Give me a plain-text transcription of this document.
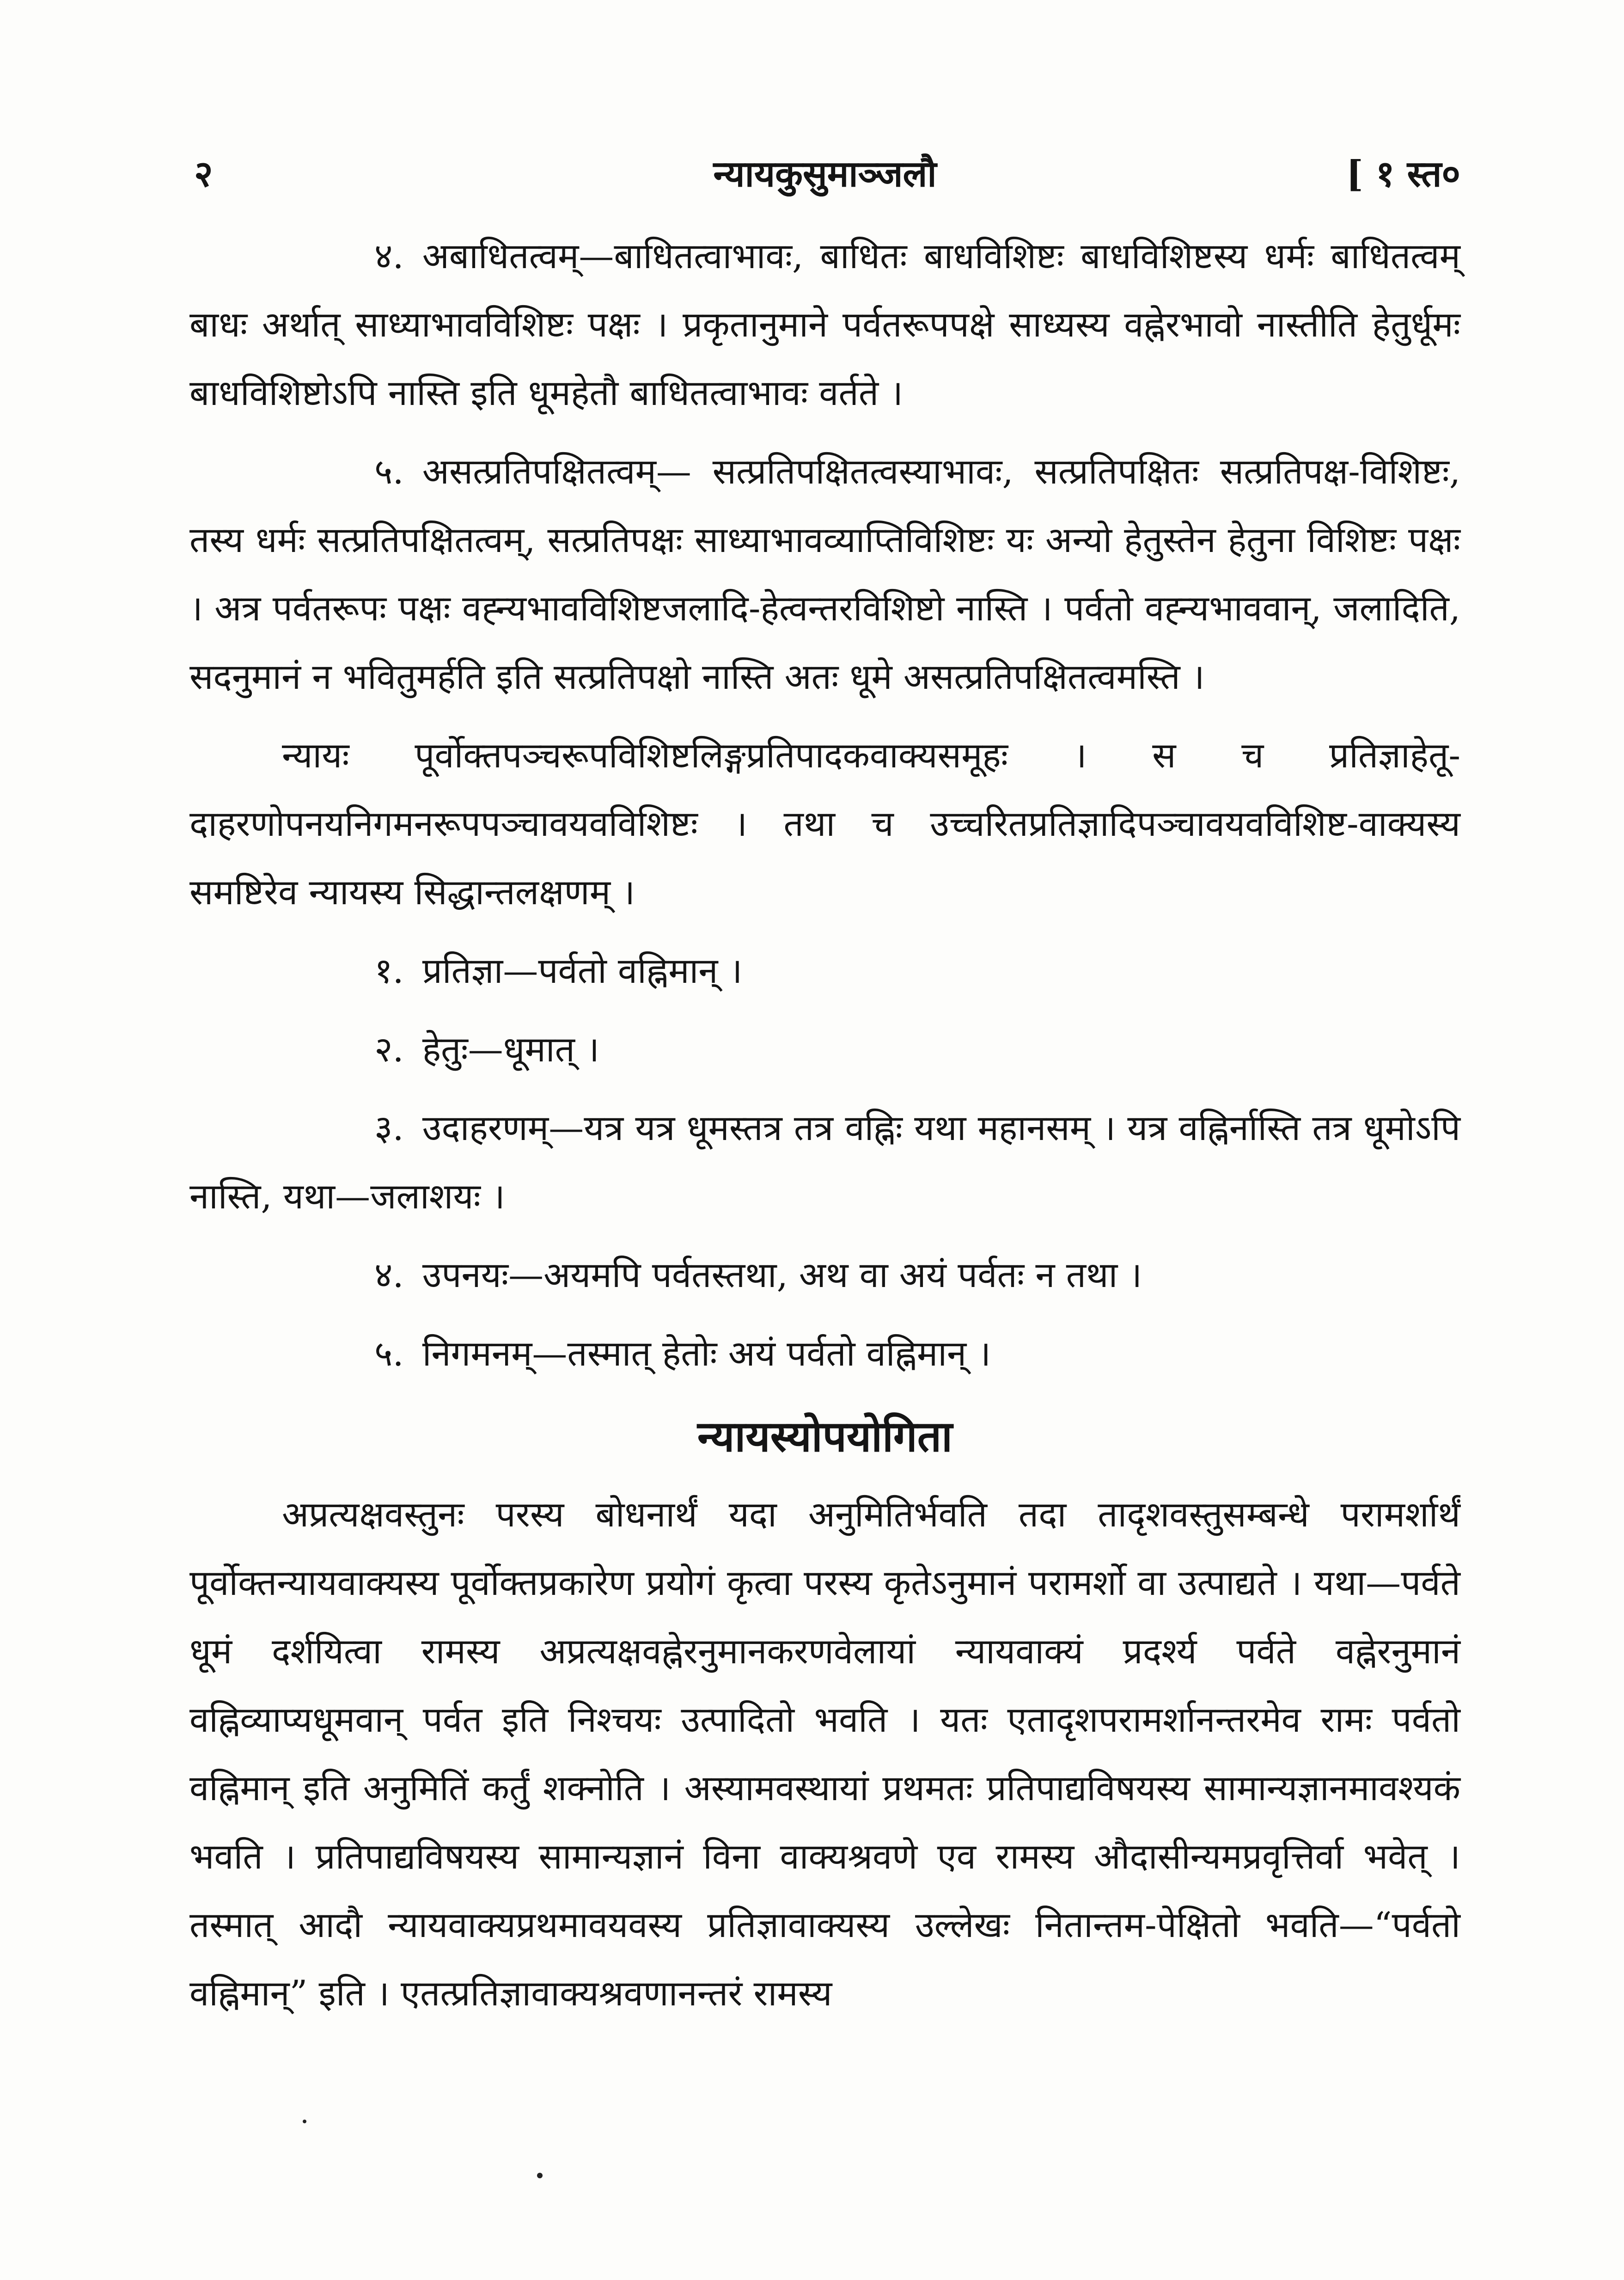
२	न्यायकुसुमाञ्जलौ	[ १ स्त०

४. अबाधितत्वम्—बाधितत्वाभावः, बाधितः बाधविशिष्टः बाधविशिष्टस्य धर्मः बाधितत्वम् बाधः अर्थात् साध्याभावविशिष्टः पक्षः । प्रकृतानुमाने पर्वतरूपपक्षे साध्यस्य वह्नेरभावो नास्तीति हेतुर्धूमः बाधविशिष्टोऽपि नास्ति इति धूमहेतौ बाधितत्वाभावः वर्तते ।

५. असत्प्रतिपक्षितत्वम्— सत्प्रतिपक्षितत्वस्याभावः, सत्प्रतिपक्षितः सत्प्रतिपक्ष-विशिष्टः, तस्य धर्मः सत्प्रतिपक्षितत्वम्, सत्प्रतिपक्षः साध्याभावव्याप्तिविशिष्टः यः अन्यो हेतुस्तेन हेतुना विशिष्टः पक्षः । अत्र पर्वतरूपः पक्षः वह्न्यभावविशिष्टजलादि-हेत्वन्तरविशिष्टो नास्ति । पर्वतो वह्न्यभाववान्, जलादिति, सदनुमानं न भवितुमर्हति इति सत्प्रतिपक्षो नास्ति अतः धूमे असत्प्रतिपक्षितत्वमस्ति ।

न्यायः पूर्वोक्तपञ्चरूपविशिष्टलिङ्गप्रतिपादकवाक्यसमूहः । स च प्रतिज्ञाहेतू-दाहरणोपनयनिगमनरूपपञ्चावयवविशिष्टः । तथा च उच्चरितप्रतिज्ञादिपञ्चावयवविशिष्ट-वाक्यस्य समष्टिरेव न्यायस्य सिद्धान्तलक्षणम् ।

१. प्रतिज्ञा—पर्वतो वह्निमान् ।

२. हेतुः—धूमात् ।

३. उदाहरणम्—यत्र यत्र धूमस्तत्र तत्र वह्निः यथा महानसम् । यत्र वह्निर्नास्ति तत्र धूमोऽपि नास्ति, यथा—जलाशयः ।

४. उपनयः—अयमपि पर्वतस्तथा, अथ वा अयं पर्वतः न तथा ।

५. निगमनम्—तस्मात् हेतोः अयं पर्वतो वह्निमान् ।

न्यायस्योपयोगिता

अप्रत्यक्षवस्तुनः परस्य बोधनार्थं यदा अनुमितिर्भवति तदा तादृशवस्तुसम्बन्धे परामर्शार्थं पूर्वोक्तन्यायवाक्यस्य पूर्वोक्तप्रकारेण प्रयोगं कृत्वा परस्य कृतेऽनुमानं परामर्शो वा उत्पाद्यते । यथा—पर्वते धूमं दर्शयित्वा रामस्य अप्रत्यक्षवह्नेरनुमानकरणवेलायां न्यायवाक्यं प्रदर्श्य पर्वते वह्नेरनुमानं वह्निव्याप्यधूमवान् पर्वत इति निश्चयः उत्पादितो भवति । यतः एतादृशपरामर्शानन्तरमेव रामः पर्वतो वह्निमान् इति अनुमितिं कर्तुं शक्नोति । अस्यामवस्थायां प्रथमतः प्रतिपाद्यविषयस्य सामान्यज्ञानमावश्यकं भवति । प्रतिपाद्यविषयस्य सामान्यज्ञानं विना वाक्यश्रवणे एव रामस्य औदासीन्यमप्रवृत्तिर्वा भवेत् । तस्मात् आदौ न्यायवाक्यप्रथमावयवस्य प्रतिज्ञावाक्यस्य उल्लेखः नितान्तम-पेक्षितो भवति—“पर्वतो वह्निमान्” इति । एतत्प्रतिज्ञावाक्यश्रवणानन्तरं रामस्य
